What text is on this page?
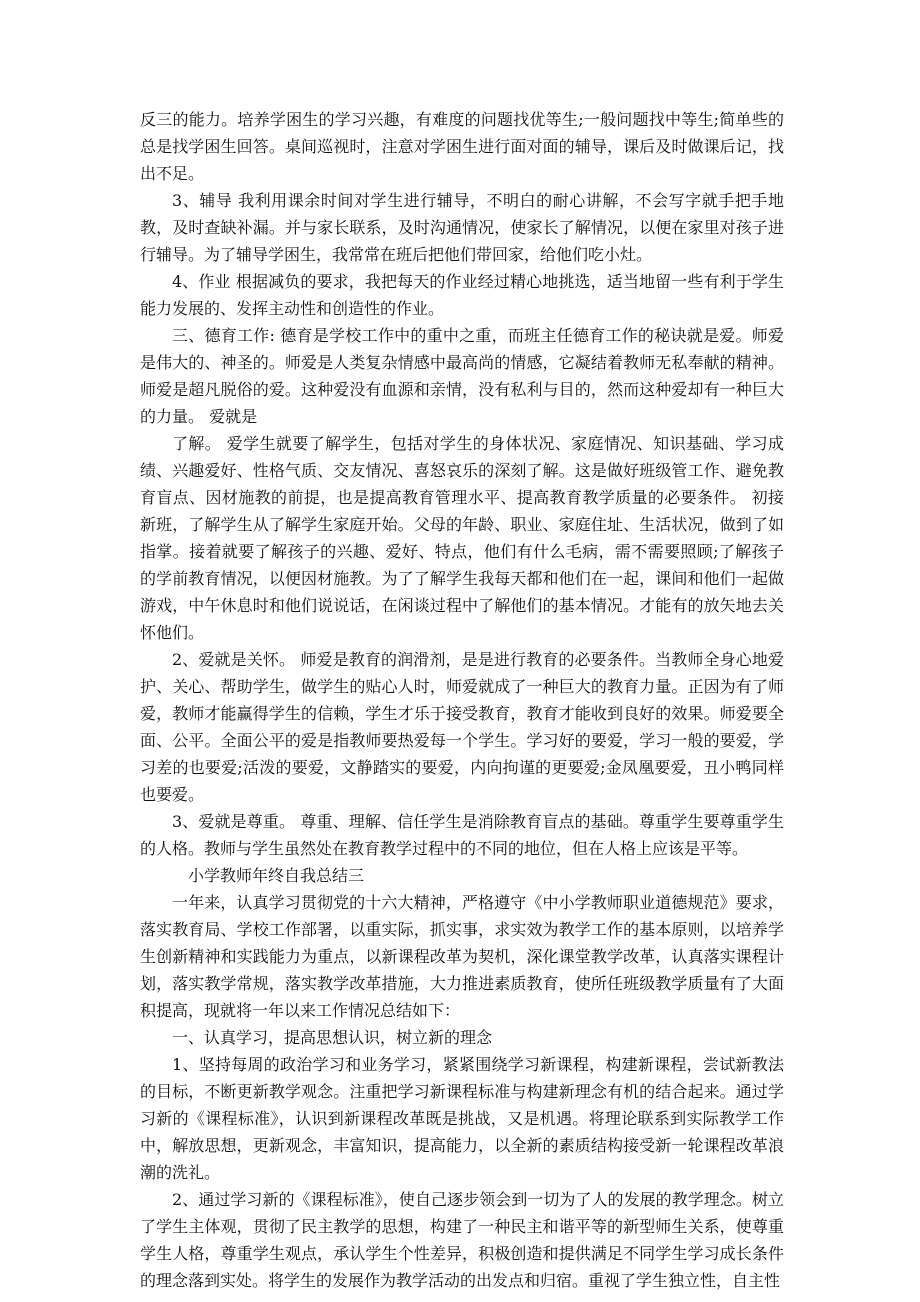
反三的能力。培养学困生的学习兴趣，有难度的问题找优等生;一般问题找中等生;简单些的总是找学困生回答。桌间巡视时，注意对学困生进行面对面的辅导，课后及时做课后记，找出不足。

3、辅导 我利用课余时间对学生进行辅导，不明白的耐心讲解，不会写字就手把手地教，及时查缺补漏。并与家长联系，及时沟通情况，使家长了解情况，以便在家里对孩子进行辅导。为了辅导学困生，我常常在班后把他们带回家，给他们吃小灶。

4、作业 根据减负的要求，我把每天的作业经过精心地挑选，适当地留一些有利于学生能力发展的、发挥主动性和创造性的作业。

三、德育工作: 德育是学校工作中的重中之重，而班主任德育工作的秘诀就是爱。师爱是伟大的、神圣的。师爱是人类复杂情感中最高尚的情感，它凝结着教师无私奉献的精神。师爱是超凡脱俗的爱。这种爱没有血源和亲情，没有私利与目的，然而这种爱却有一种巨大的力量。 爱就是

了解。 爱学生就要了解学生，包括对学生的身体状况、家庭情况、知识基础、学习成绩、兴趣爱好、性格气质、交友情况、喜怒哀乐的深刻了解。这是做好班级管工作、避免教育盲点、因材施教的前提，也是提高教育管理水平、提高教育教学质量的必要条件。 初接新班，了解学生从了解学生家庭开始。父母的年龄、职业、家庭住址、生活状况，做到了如指掌。接着就要了解孩子的兴趣、爱好、特点，他们有什么毛病，需不需要照顾;了解孩子的学前教育情况，以便因材施教。为了了解学生我每天都和他们在一起，课间和他们一起做游戏，中午休息时和他们说说话，在闲谈过程中了解他们的基本情况。才能有的放矢地去关怀他们。

2、爱就是关怀。 师爱是教育的润滑剂，是是进行教育的必要条件。当教师全身心地爱护、关心、帮助学生，做学生的贴心人时，师爱就成了一种巨大的教育力量。正因为有了师爱，教师才能赢得学生的信赖，学生才乐于接受教育，教育才能收到良好的效果。师爱要全面、公平。全面公平的爱是指教师要热爱每一个学生。学习好的要爱，学习一般的要爱，学习差的也要爱;活泼的要爱，文静踏实的要爱，内向拘谨的更要爱;金凤凰要爱，丑小鸭同样也要爱。

3、爱就是尊重。 尊重、理解、信任学生是消除教育盲点的基础。尊重学生要尊重学生的人格。教师与学生虽然处在教育教学过程中的不同的地位，但在人格上应该是平等。

小学教师年终自我总结三

一年来，认真学习贯彻党的十六大精神，严格遵守《中小学教师职业道德规范》要求，落实教育局、学校工作部署，以重实际，抓实事，求实效为教学工作的基本原则，以培养学生创新精神和实践能力为重点，以新课程改革为契机，深化课堂教学改革，认真落实课程计划，落实教学常规，落实教学改革措施，大力推进素质教育，使所任班级教学质量有了大面积提高，现就将一年以来工作情况总结如下：

一、认真学习，提高思想认识，树立新的理念

1、坚持每周的政治学习和业务学习，紧紧围绕学习新课程，构建新课程，尝试新教法的目标，不断更新教学观念。注重把学习新课程标准与构建新理念有机的结合起来。通过学习新的《课程标准》，认识到新课程改革既是挑战，又是机遇。将理论联系到实际教学工作中，解放思想，更新观念，丰富知识，提高能力，以全新的素质结构接受新一轮课程改革浪潮的洗礼。

2、通过学习新的《课程标准》，使自己逐步领会到一切为了人的发展的教学理念。树立了学生主体观，贯彻了民主教学的思想，构建了一种民主和谐平等的新型师生关系，使尊重学生人格，尊重学生观点，承认学生个性差异，积极创造和提供满足不同学生学习成长条件的理念落到实处。将学生的发展作为教学活动的出发点和归宿。重视了学生独立性，自主性
